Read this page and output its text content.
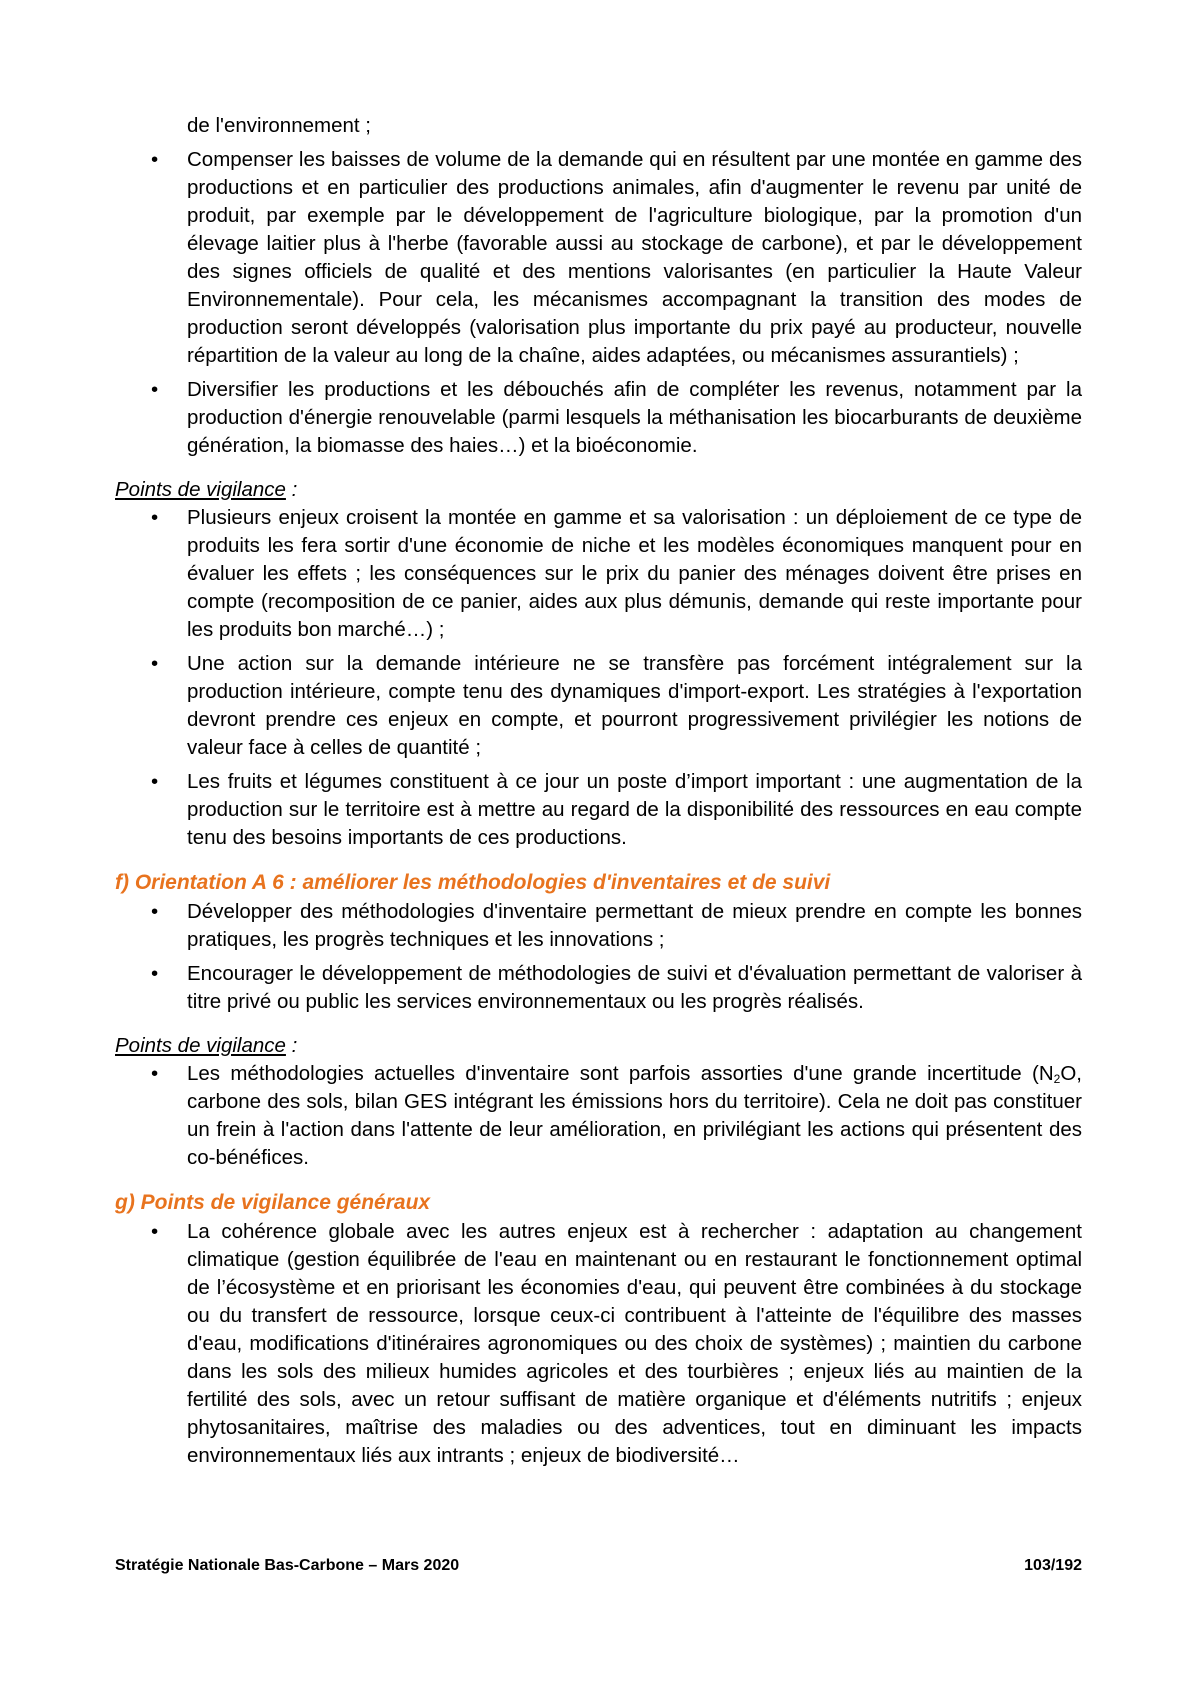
de l'environnement ;

• Compenser les baisses de volume de la demande qui en résultent par une montée en gamme des productions et en particulier des productions animales, afin d'augmenter le revenu par unité de produit, par exemple par le développement de l'agriculture biologique, par la promotion d'un élevage laitier plus à l'herbe (favorable aussi au stockage de carbone), et par le développement des signes officiels de qualité et des mentions valorisantes (en particulier la Haute Valeur Environnementale). Pour cela, les mécanismes accompagnant la transition des modes de production seront développés (valorisation plus importante du prix payé au producteur, nouvelle répartition de la valeur au long de la chaîne, aides adaptées, ou mécanismes assurantiels) ;
• Diversifier les productions et les débouchés afin de compléter les revenus, notamment par la production d'énergie renouvelable (parmi lesquels la méthanisation les biocarburants de deuxième génération, la biomasse des haies…) et la bioéconomie.

Points de vigilance :

• Plusieurs enjeux croisent la montée en gamme et sa valorisation : un déploiement de ce type de produits les fera sortir d'une économie de niche et les modèles économiques manquent pour en évaluer les effets ; les conséquences sur le prix du panier des ménages doivent être prises en compte (recomposition de ce panier, aides aux plus démunis, demande qui reste importante pour les produits bon marché…) ;
• Une action sur la demande intérieure ne se transfère pas forcément intégralement sur la production intérieure, compte tenu des dynamiques d'import-export. Les stratégies à l'exportation devront prendre ces enjeux en compte, et pourront progressivement privilégier les notions de valeur face à celles de quantité ;
• Les fruits et légumes constituent à ce jour un poste d’import important : une augmentation de la production sur le territoire est à mettre au regard de la disponibilité des ressources en eau compte tenu des besoins importants de ces productions.
f) Orientation A 6 : améliorer les méthodologies d'inventaires et de suivi
• Développer des méthodologies d'inventaire permettant de mieux prendre en compte les bonnes pratiques, les progrès techniques et les innovations ;
• Encourager le développement de méthodologies de suivi et d'évaluation permettant de valoriser à titre privé ou public les services environnementaux ou les progrès réalisés.

Points de vigilance :

• Les méthodologies actuelles d'inventaire sont parfois assorties d'une grande incertitude ($N_2O$, carbone des sols, bilan GES intégrant les émissions hors du territoire). Cela ne doit pas constituer un frein à l'action dans l'attente de leur amélioration, en privilégiant les actions qui présentent des co-bénéfices.
g) Points de vigilance généraux
• La cohérence globale avec les autres enjeux est à rechercher : adaptation au changement climatique (gestion équilibrée de l'eau en maintenant ou en restaurant le fonctionnement optimal de l’écosystème et en priorisant les économies d'eau, qui peuvent être combinées à du stockage ou du transfert de ressource, lorsque ceux-ci contribuent à l'atteinte de l'équilibre des masses d'eau, modifications d'itinéraires agronomiques ou des choix de systèmes) ; maintien du carbone dans les sols des milieux humides agricoles et des tourbières ; enjeux liés au maintien de la fertilité des sols, avec un retour suffisant de matière organique et d'éléments nutritifs ; enjeux phytosanitaires, maîtrise des maladies ou des adventices, tout en diminuant les impacts environnementaux liés aux intrants ; enjeux de biodiversité…
Stratégie Nationale Bas-Carbone – Mars 2020	103/192
